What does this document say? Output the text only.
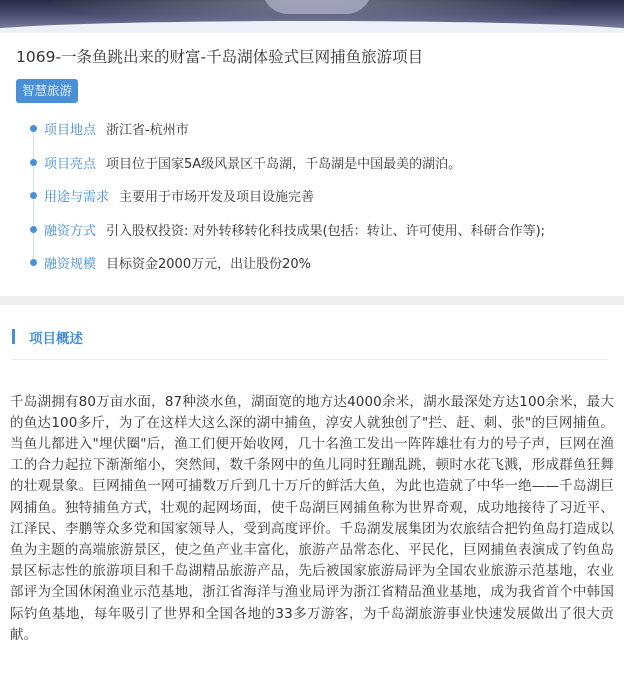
1069-一条鱼跳出来的财富-千岛湖体验式巨网捕鱼旅游项目
智慧旅游
项目地点 浙江省-杭州市
项目亮点 项目位于国家5A级风景区千岛湖，千岛湖是中国最美的湖泊。
用途与需求 主要用于市场开发及项目设施完善
融资方式 引入股权投资: 对外转移转化科技成果(包括：转让、许可使用、科研合作等);
融资规模 目标资金2000万元，出让股份20%
项目概述
千岛湖拥有80万亩水面，87种淡水鱼，湖面宽的地方达4000余米，湖水最深处方达100余米，最大的鱼达100多斤，为了在这样大这么深的湖中捕鱼，淳安人就独创了"拦、赶、刺、张"的巨网捕鱼。当鱼儿都进入"埋伏圈"后，渔工们便开始收网，几十名渔工发出一阵阵雄壮有力的号子声，巨网在渔工的合力起拉下渐渐缩小，突然间，数千条网中的鱼儿同时狂蹦乱跳，顿时水花飞溅，形成群鱼狂舞的壮观景象。巨网捕鱼一网可捕数万斤到几十万斤的鲜活大鱼，为此也造就了中华一绝——千岛湖巨网捕鱼。独特捕鱼方式，壮观的起网场面，使千岛湖巨网捕鱼称为世界奇观，成功地接待了习近平、江泽民、李鹏等众多党和国家领导人，受到高度评价。千岛湖发展集团为农旅结合把钓鱼岛打造成以鱼为主题的高端旅游景区，使之鱼产业丰富化，旅游产品常态化、平民化，巨网捕鱼表演成了钓鱼岛景区标志性的旅游项目和千岛湖精品旅游产品，先后被国家旅游局评为全国农业旅游示范基地，农业部评为全国休闲渔业示范基地，浙江省海洋与渔业局评为浙江省精品渔业基地，成为我省首个中韩国际钓鱼基地，每年吸引了世界和全国各地的33多万游客，为千岛湖旅游事业快速发展做出了很大贡献。
